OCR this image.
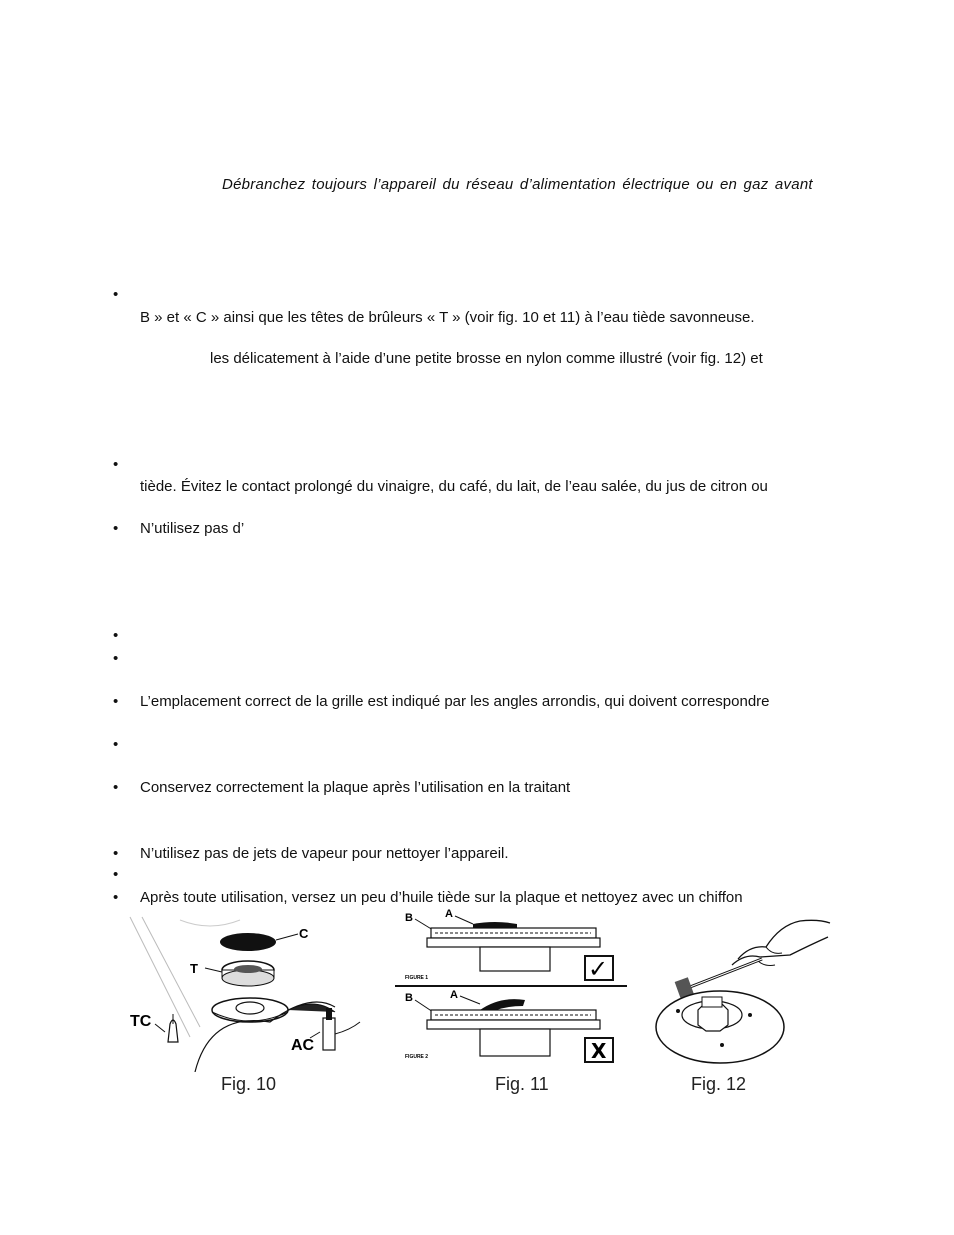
Débranchez toujours l’appareil du réseau d’alimentation électrique ou en gaz avant
•
B » et « C » ainsi que les têtes de brûleurs « T » (voir fig. 10 et 11) à l’eau tiède savonneuse.
les délicatement à l’aide d’une petite brosse en nylon comme illustré (voir fig. 12) et
•
tiède. Évitez le contact prolongé du vinaigre, du café, du lait, de l’eau salée, du jus de citron ou
•	N’utilisez pas d’
•
•
•	L’emplacement correct de la grille est indiqué par les angles arrondis, qui doivent correspondre
•
•	Conservez correctement la plaque après l’utilisation en la traitant
•	N’utilisez pas de jets de vapeur pour nettoyer l’appareil.
•
•	Après toute utilisation, versez un peu d’huile tiède sur la plaque et nettoyez avec un chiffon
C
T
TC
AC
Fig. 10
B	A
FIGURE 1	✓
B	A
FIGURE 2	X
Fig. 11	Fig. 12
